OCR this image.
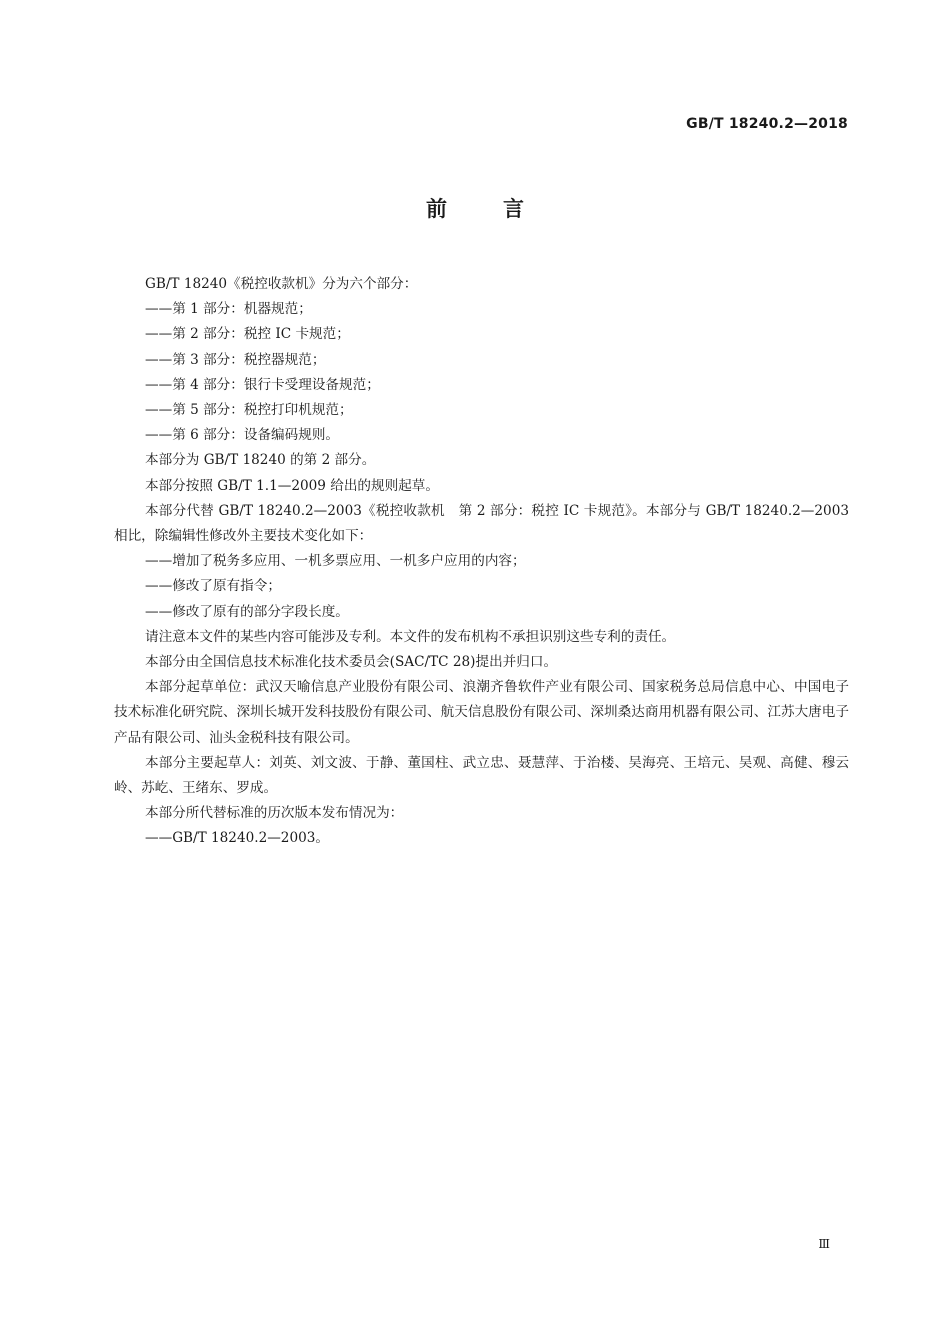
GB/T 18240.2—2018
前言

GB/T 18240《税控收款机》分为六个部分：

——第 1 部分：机器规范；

——第 2 部分：税控 IC 卡规范；

——第 3 部分：税控器规范；

——第 4 部分：银行卡受理设备规范；

——第 5 部分：税控打印机规范；

——第 6 部分：设备编码规则。

本部分为 GB/T 18240 的第 2 部分。

本部分按照 GB/T 1.1—2009 给出的规则起草。

本部分代替 GB/T 18240.2—2003《税控收款机　第 2 部分：税控 IC 卡规范》。本部分与 GB/T 18240.2—2003 相比，除编辑性修改外主要技术变化如下：

——增加了税务多应用、一机多票应用、一机多户应用的内容；

——修改了原有指令；

——修改了原有的部分字段长度。

请注意本文件的某些内容可能涉及专利。本文件的发布机构不承担识别这些专利的责任。

本部分由全国信息技术标准化技术委员会(SAC/TC 28)提出并归口。

本部分起草单位：武汉天喻信息产业股份有限公司、浪潮齐鲁软件产业有限公司、国家税务总局信息中心、中国电子技术标准化研究院、深圳长城开发科技股份有限公司、航天信息股份有限公司、深圳桑达商用机器有限公司、江苏大唐电子产品有限公司、汕头金税科技有限公司。

本部分主要起草人：刘英、刘文波、于静、董国柱、武立忠、聂慧萍、于治楼、吴海亮、王培元、吴观、高健、穆云岭、苏屹、王绪东、罗成。

本部分所代替标准的历次版本发布情况为：

——GB/T 18240.2—2003。

Ⅲ
